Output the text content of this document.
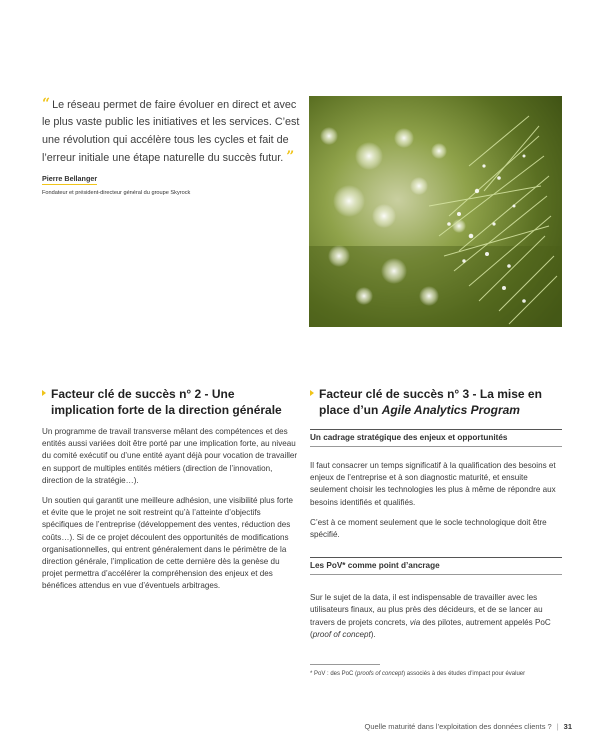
“ Le réseau permet de faire évoluer en direct et avec le plus vaste public les initiatives et les services. C’est une révolution qui accélère tous les cycles et fait de l’erreur initiale une étape naturelle du succès futur. ”

Pierre Bellanger
Fondateur et président-directeur général du groupe Skyrock
Facteur clé de succès n° 2 - Une implication forte de la direction générale

Un programme de travail transverse mêlant des compétences et des entités aussi variées doit être porté par une implication forte, au niveau du comité exécutif ou d’une entité ayant déjà pour vocation de travailler en support de multiples entités métiers (direction de l’innovation, direction de la stratégie…).

Un soutien qui garantit une meilleure adhésion, une visibilité plus forte et évite que le projet ne soit restreint qu’à l’atteinte d’objectifs spécifiques de l’entreprise (développement des ventes, réduction des coûts…). Si de ce projet découlent des opportunités de modifications organisationnelles, qui entrent généralement dans le périmètre de la direction générale, l’implication de cette dernière dès la genèse du projet permettra d’accélérer la compréhension des enjeux et des bénéfices attendus en vue d’éventuels arbitrages.

Facteur clé de succès n° 3 - La mise en place d’un Agile Analytics Program
Un cadrage stratégique des enjeux et opportunités

Il faut consacrer un temps significatif à la qualification des besoins et enjeux de l’entreprise et à son diagnostic maturité, et ensuite seulement choisir les technologies les plus à même de répondre aux besoins identifiés et qualifiés.

C’est à ce moment seulement que le socle technologique doit être spécifié.

Les PoV* comme point d’ancrage

Sur le sujet de la data, il est indispensable de travailler avec les utilisateurs finaux, au plus près des décideurs, et de se lancer au travers de projets concrets, via des pilotes, autrement appelés PoC (proof of concept).

* PoV : des PoC (proofs of concept) associés à des études d’impact pour évaluer
Quelle maturité dans l’exploitation des données clients ? | 31
